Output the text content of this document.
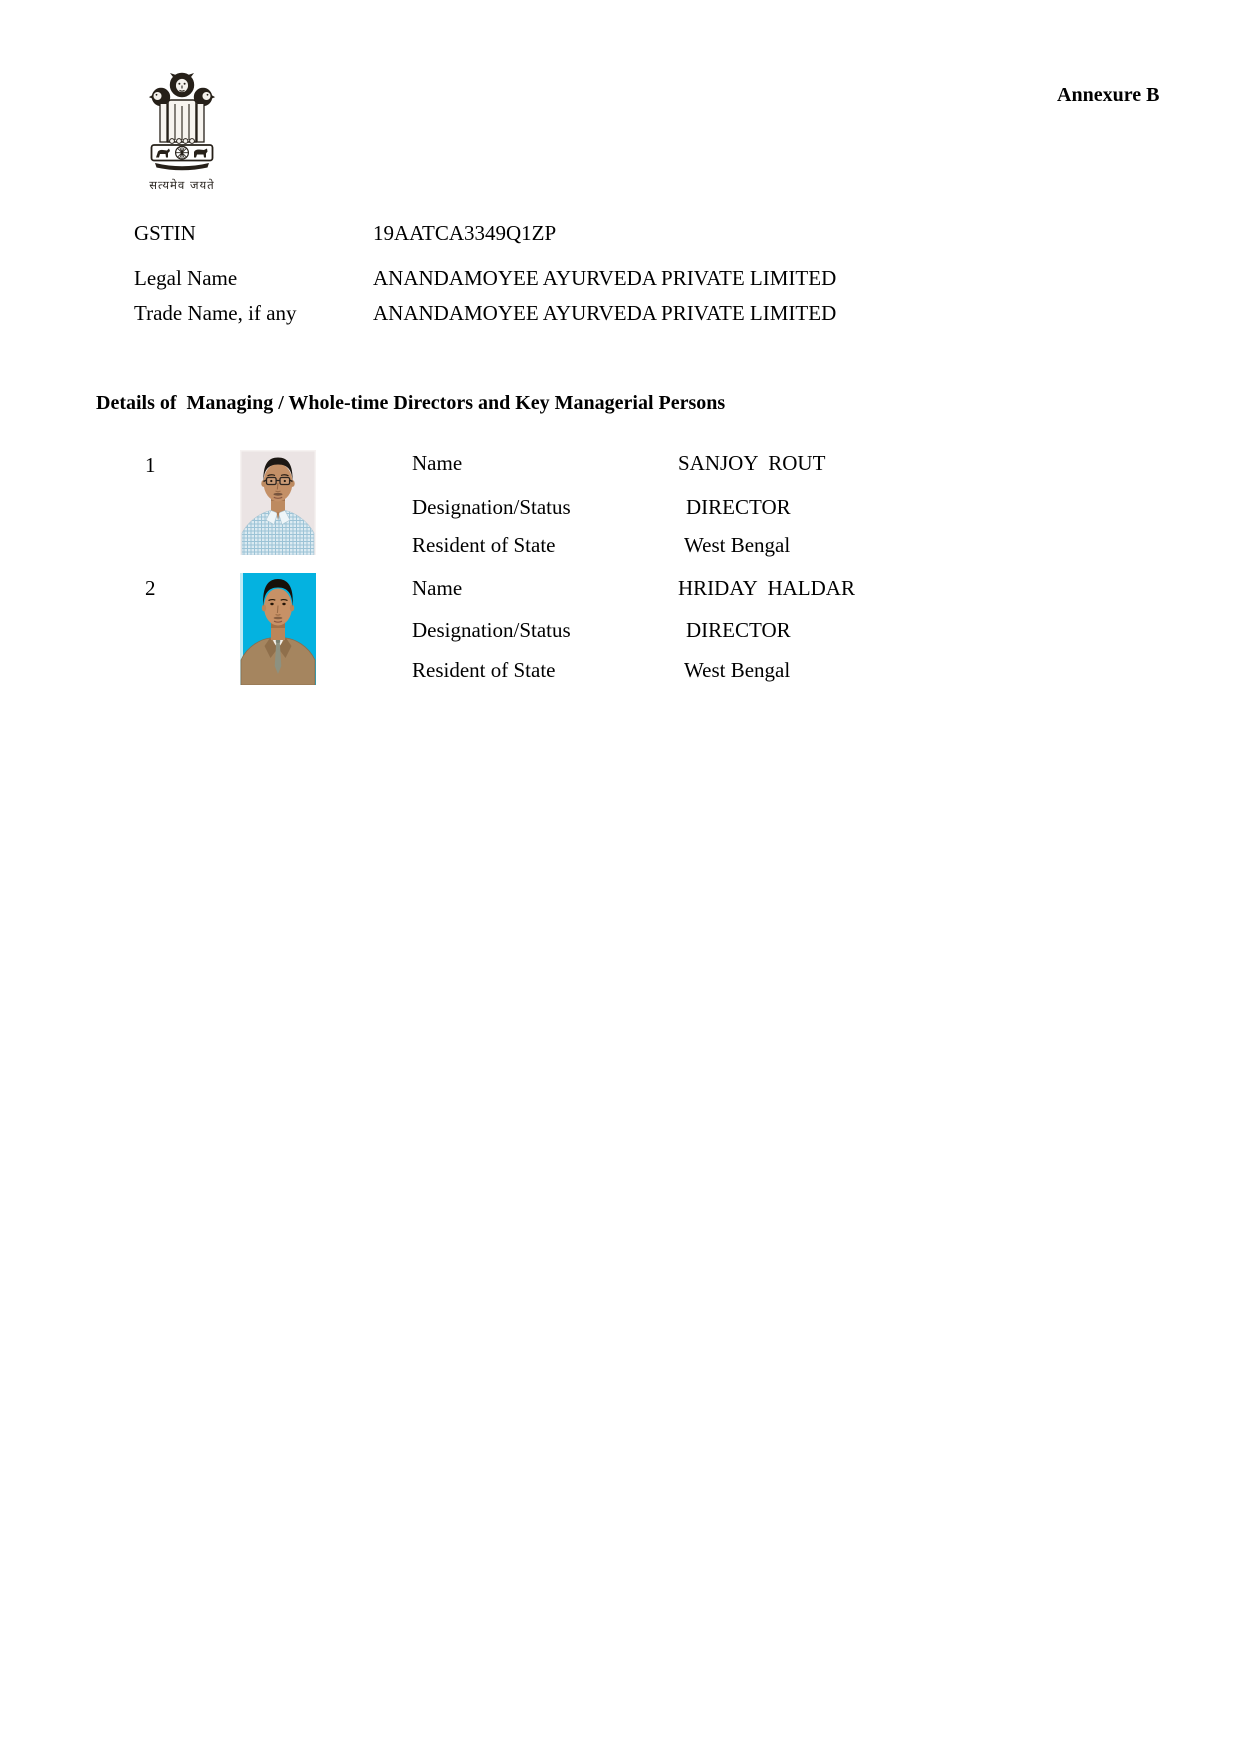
सत्यमेव जयते
Annexure B
GSTIN	19AATCA3349Q1ZP
Legal Name	ANANDAMOYEE AYURVEDA PRIVATE LIMITED
Trade Name, if any	ANANDAMOYEE AYURVEDA PRIVATE LIMITED
Details of  Managing / Whole-time Directors and Key Managerial Persons
1	Name	SANJOY  ROUT
Designation/Status	DIRECTOR
Resident of State	West Bengal
2	Name	HRIDAY  HALDAR
Designation/Status	DIRECTOR
Resident of State	West Bengal
